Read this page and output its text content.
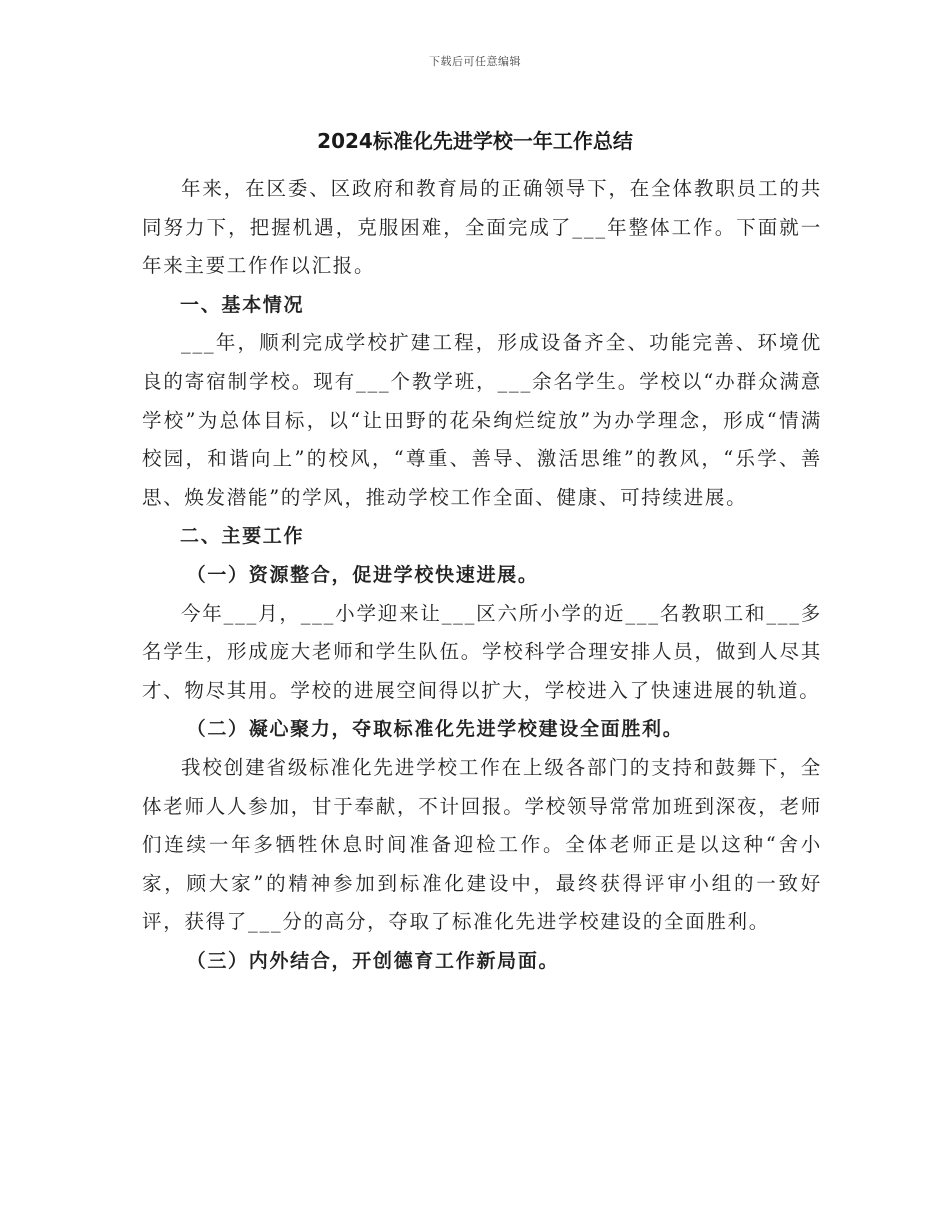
下载后可任意编辑
2024标准化先进学校一年工作总结

年来，在区委、区政府和教育局的正确领导下，在全体教职员工的共同努力下，把握机遇，克服困难，全面完成了___年整体工作。下面就一年来主要工作作以汇报。

一、基本情况

___年，顺利完成学校扩建工程，形成设备齐全、功能完善、环境优良的寄宿制学校。现有___个教学班，___余名学生。学校以“办群众满意学校”为总体目标，以“让田野的花朵绚烂绽放”为办学理念，形成“情满校园，和谐向上”的校风，“尊重、善导、激活思维”的教风，“乐学、善思、焕发潜能”的学风，推动学校工作全面、健康、可持续进展。

二、主要工作

（一）资源整合，促进学校快速进展。

今年___月，___小学迎来让___区六所小学的近___名教职工和___多名学生，形成庞大老师和学生队伍。学校科学合理安排人员，做到人尽其才、物尽其用。学校的进展空间得以扩大，学校进入了快速进展的轨道。

（二）凝心聚力，夺取标准化先进学校建设全面胜利。

我校创建省级标准化先进学校工作在上级各部门的支持和鼓舞下，全体老师人人参加，甘于奉献，不计回报。学校领导常常加班到深夜，老师们连续一年多牺牲休息时间准备迎检工作。全体老师正是以这种“舍小家，顾大家”的精神参加到标准化建设中，最终获得评审小组的一致好评，获得了___分的高分，夺取了标准化先进学校建设的全面胜利。

（三）内外结合，开创德育工作新局面。
